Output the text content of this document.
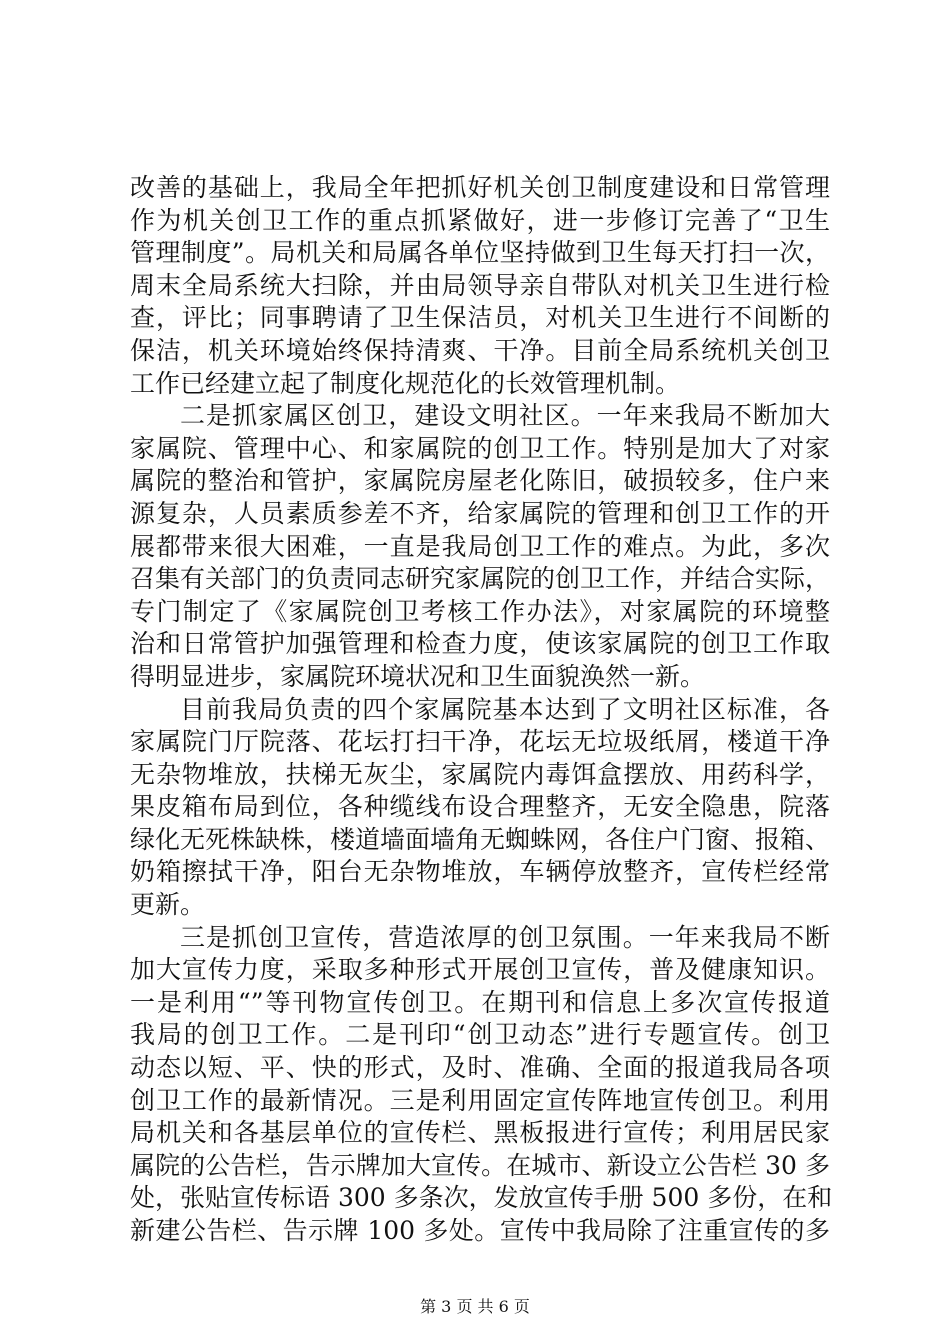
改善的基础上，我局全年把抓好机关创卫制度建设和日常管理
作为机关创卫工作的重点抓紧做好，进一步修订完善了“卫生
管理制度”。局机关和局属各单位坚持做到卫生每天打扫一次，
周末全局系统大扫除，并由局领导亲自带队对机关卫生进行检
查，评比；同事聘请了卫生保洁员，对机关卫生进行不间断的
保洁，机关环境始终保持清爽、干净。目前全局系统机关创卫
工作已经建立起了制度化规范化的长效管理机制。
二是抓家属区创卫，建设文明社区。一年来我局不断加大
家属院、管理中心、和家属院的创卫工作。特别是加大了对家
属院的整治和管护，家属院房屋老化陈旧，破损较多，住户来
源复杂，人员素质参差不齐，给家属院的管理和创卫工作的开
展都带来很大困难，一直是我局创卫工作的难点。为此，多次
召集有关部门的负责同志研究家属院的创卫工作，并结合实际，
专门制定了《家属院创卫考核工作办法》，对家属院的环境整
治和日常管护加强管理和检查力度，使该家属院的创卫工作取
得明显进步，家属院环境状况和卫生面貌涣然一新。
目前我局负责的四个家属院基本达到了文明社区标准，各
家属院门厅院落、花坛打扫干净，花坛无垃圾纸屑，楼道干净
无杂物堆放，扶梯无灰尘，家属院内毒饵盒摆放、用药科学，
果皮箱布局到位，各种缆线布设合理整齐，无安全隐患，院落
绿化无死株缺株，楼道墙面墙角无蜘蛛网，各住户门窗、报箱、
奶箱擦拭干净，阳台无杂物堆放，车辆停放整齐，宣传栏经常
更新。
三是抓创卫宣传，营造浓厚的创卫氛围。一年来我局不断
加大宣传力度，采取多种形式开展创卫宣传，普及健康知识。
一是利用“”等刊物宣传创卫。在期刊和信息上多次宣传报道
我局的创卫工作。二是刊印“创卫动态”进行专题宣传。创卫
动态以短、平、快的形式，及时、准确、全面的报道我局各项
创卫工作的最新情况。三是利用固定宣传阵地宣传创卫。利用
局机关和各基层单位的宣传栏、黑板报进行宣传；利用居民家
属院的公告栏，告示牌加大宣传。在城市、新设立公告栏 30 多
处，张贴宣传标语 300 多条次，发放宣传手册 500 多份，在和
新建公告栏、告示牌 100 多处。宣传中我局除了注重宣传的多
第 3 页 共 6 页
